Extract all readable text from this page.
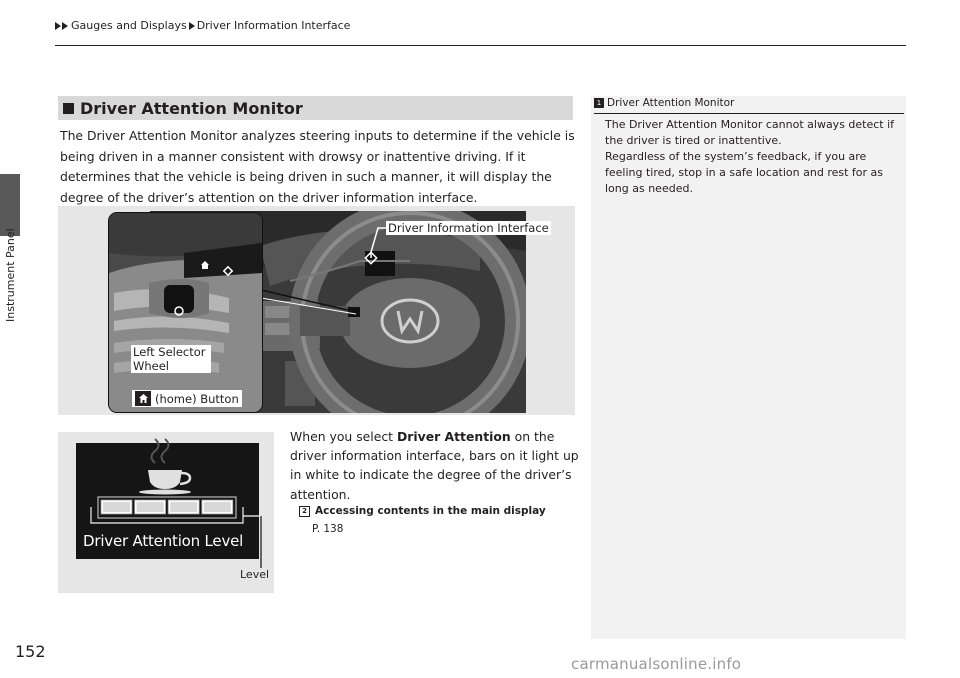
Instrument Panel
Gauges and Displays Driver Information Interface
Driver Attention Monitor
The Driver Attention Monitor analyzes steering inputs to determine if the vehicle is being driven in a manner consistent with drowsy or inattentive driving. If it determines that the vehicle is being driven in such a manner, it will display the degree of the driver’s attention on the driver information interface.
Driver Information Interface
Left Selector Wheel
(home) Button
When you select Driver Attention on the driver information interface, bars on it light up in white to indicate the degree of the driver’s attention.
2 Accessing contents in the main display
P. 138
Driver Attention Level
Level
1 Driver Attention Monitor
The Driver Attention Monitor cannot always detect if the driver is tired or inattentive.
Regardless of the system’s feedback, if you are feeling tired, stop in a safe location and rest for as long as needed.
152
carmanualsonline.info
